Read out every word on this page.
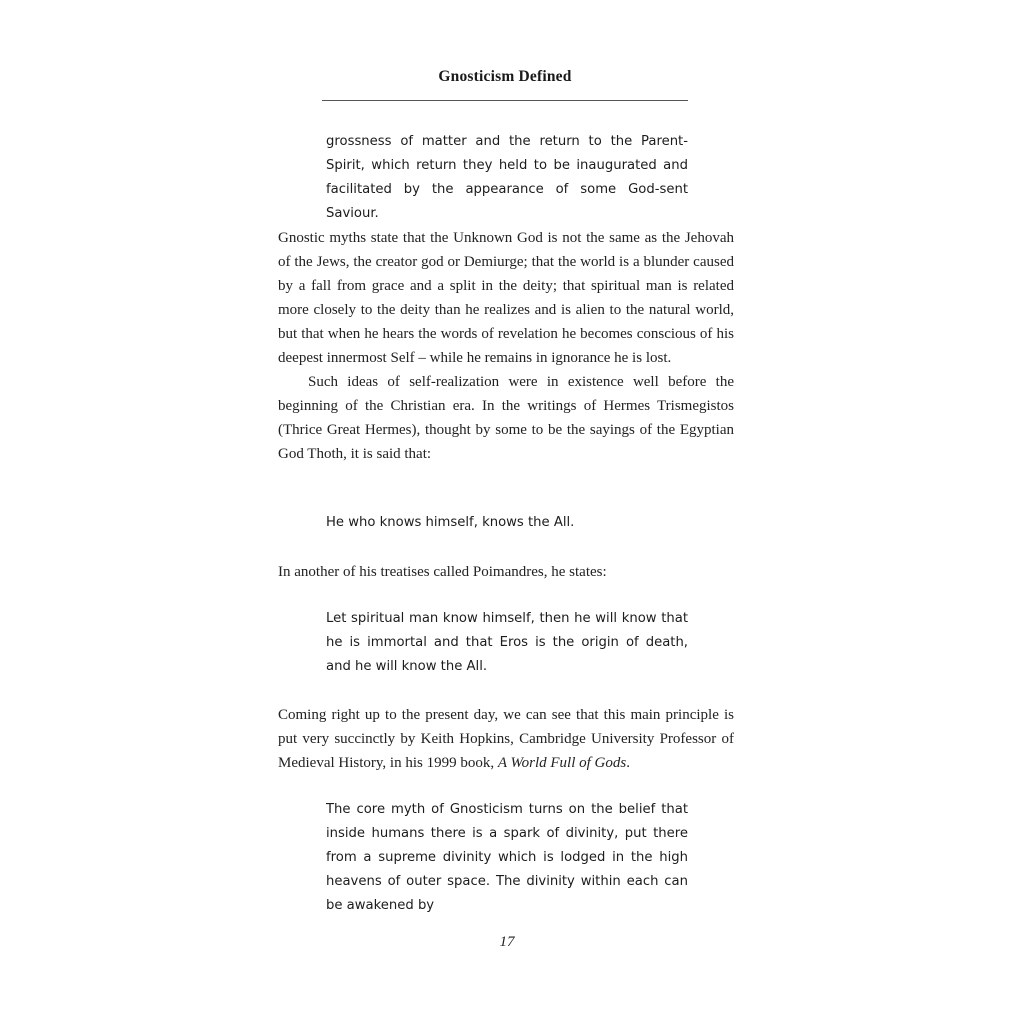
Gnosticism Defined

grossness of matter and the return to the Parent-Spirit, which return they held to be inaugurated and facilitated by the appearance of some God-sent Saviour.

Gnostic myths state that the Unknown God is not the same as the Jehovah of the Jews, the creator god or Demiurge; that the world is a blunder caused by a fall from grace and a split in the deity; that spiritual man is related more closely to the deity than he realizes and is alien to the natural world, but that when he hears the words of revelation he becomes conscious of his deepest innermost Self – while he remains in ignorance he is lost.

Such ideas of self-realization were in existence well before the beginning of the Christian era. In the writings of Hermes Trismegistos (Thrice Great Hermes), thought by some to be the sayings of the Egyptian God Thoth, it is said that:

He who knows himself, knows the All.

In another of his treatises called Poimandres, he states:

Let spiritual man know himself, then he will know that he is immortal and that Eros is the origin of death, and he will know the All.

Coming right up to the present day, we can see that this main principle is put very succinctly by Keith Hopkins, Cambridge University Professor of Medieval History, in his 1999 book, A World Full of Gods.

The core myth of Gnosticism turns on the belief that inside humans there is a spark of divinity, put there from a supreme divinity which is lodged in the high heavens of outer space. The divinity within each can be awakened by

17
